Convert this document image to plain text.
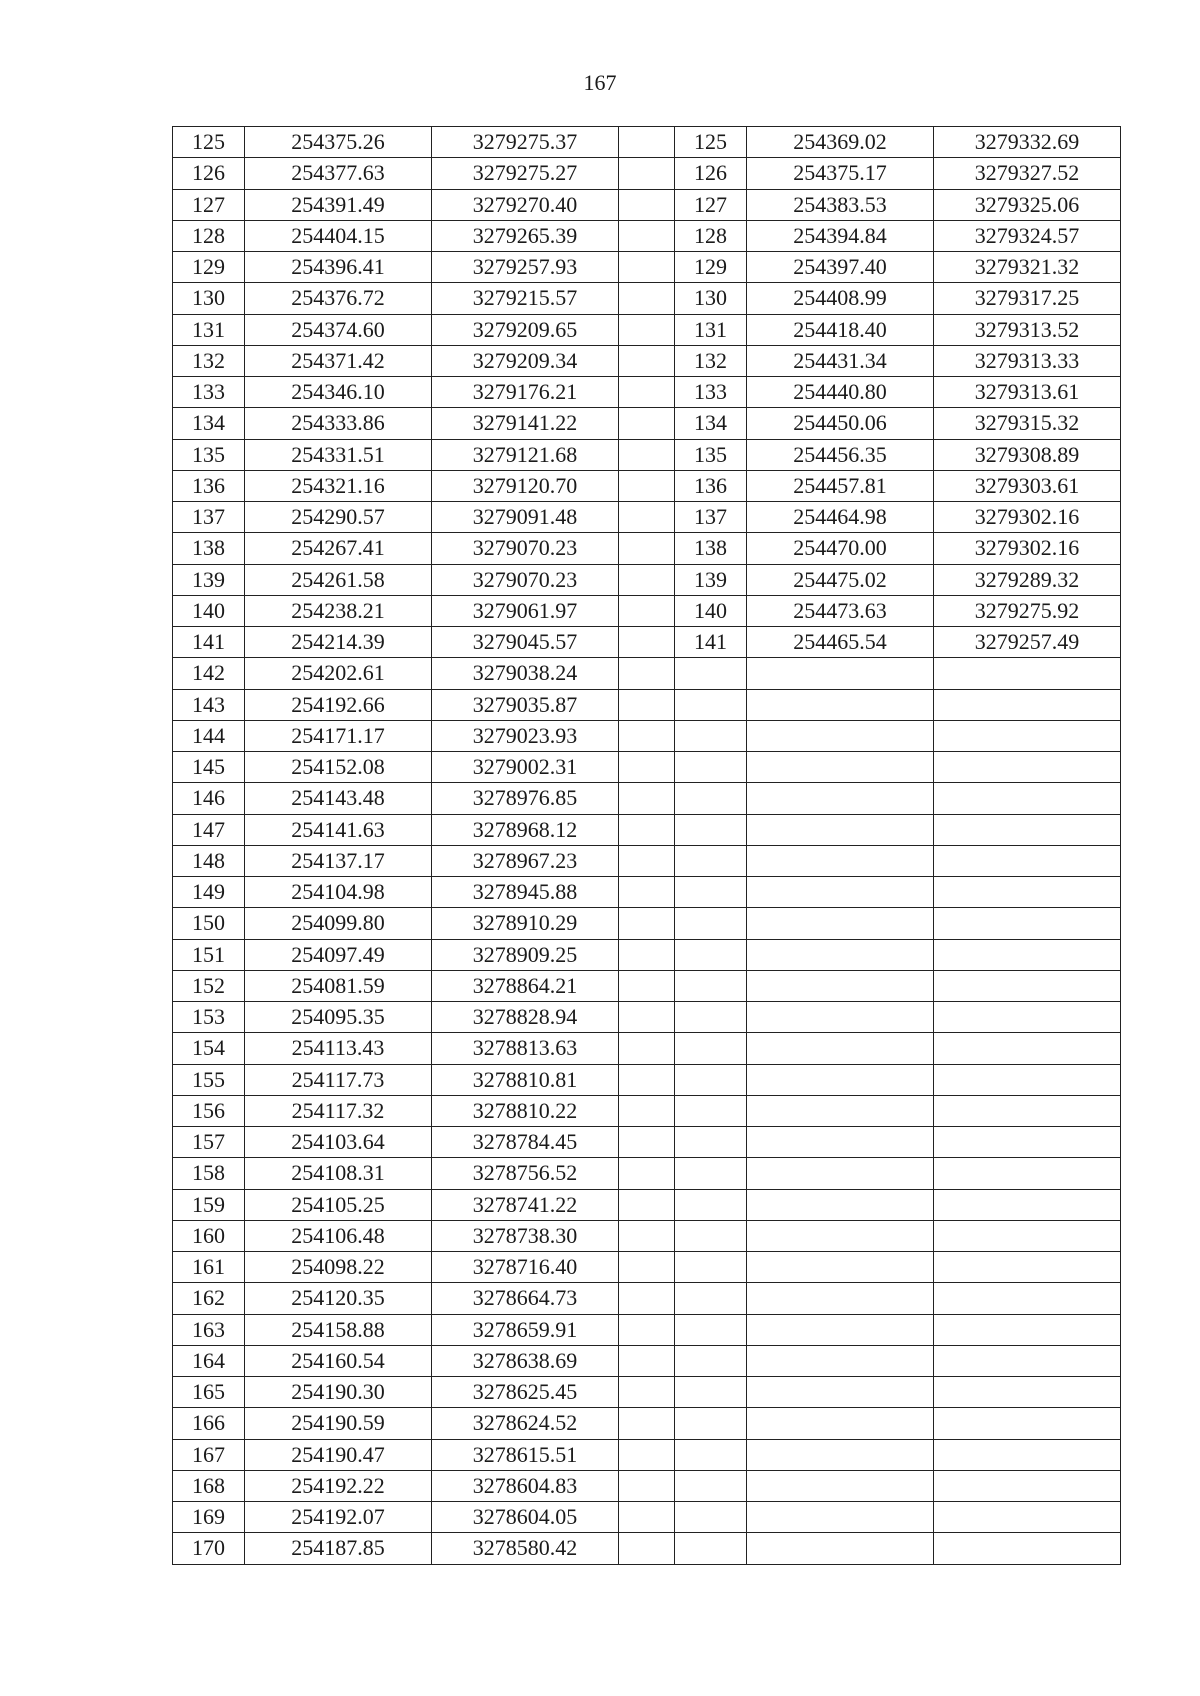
167
125	254375.26	3279275.37		125	254369.02	3279332.69
126	254377.63	3279275.27		126	254375.17	3279327.52
127	254391.49	3279270.40		127	254383.53	3279325.06
128	254404.15	3279265.39		128	254394.84	3279324.57
129	254396.41	3279257.93		129	254397.40	3279321.32
130	254376.72	3279215.57		130	254408.99	3279317.25
131	254374.60	3279209.65		131	254418.40	3279313.52
132	254371.42	3279209.34		132	254431.34	3279313.33
133	254346.10	3279176.21		133	254440.80	3279313.61
134	254333.86	3279141.22		134	254450.06	3279315.32
135	254331.51	3279121.68		135	254456.35	3279308.89
136	254321.16	3279120.70		136	254457.81	3279303.61
137	254290.57	3279091.48		137	254464.98	3279302.16
138	254267.41	3279070.23		138	254470.00	3279302.16
139	254261.58	3279070.23		139	254475.02	3279289.32
140	254238.21	3279061.97		140	254473.63	3279275.92
141	254214.39	3279045.57		141	254465.54	3279257.49
142	254202.61	3279038.24				
143	254192.66	3279035.87				
144	254171.17	3279023.93				
145	254152.08	3279002.31				
146	254143.48	3278976.85				
147	254141.63	3278968.12				
148	254137.17	3278967.23				
149	254104.98	3278945.88				
150	254099.80	3278910.29				
151	254097.49	3278909.25				
152	254081.59	3278864.21				
153	254095.35	3278828.94				
154	254113.43	3278813.63				
155	254117.73	3278810.81				
156	254117.32	3278810.22				
157	254103.64	3278784.45				
158	254108.31	3278756.52				
159	254105.25	3278741.22				
160	254106.48	3278738.30				
161	254098.22	3278716.40				
162	254120.35	3278664.73				
163	254158.88	3278659.91				
164	254160.54	3278638.69				
165	254190.30	3278625.45				
166	254190.59	3278624.52				
167	254190.47	3278615.51				
168	254192.22	3278604.83				
169	254192.07	3278604.05				
170	254187.85	3278580.42				
